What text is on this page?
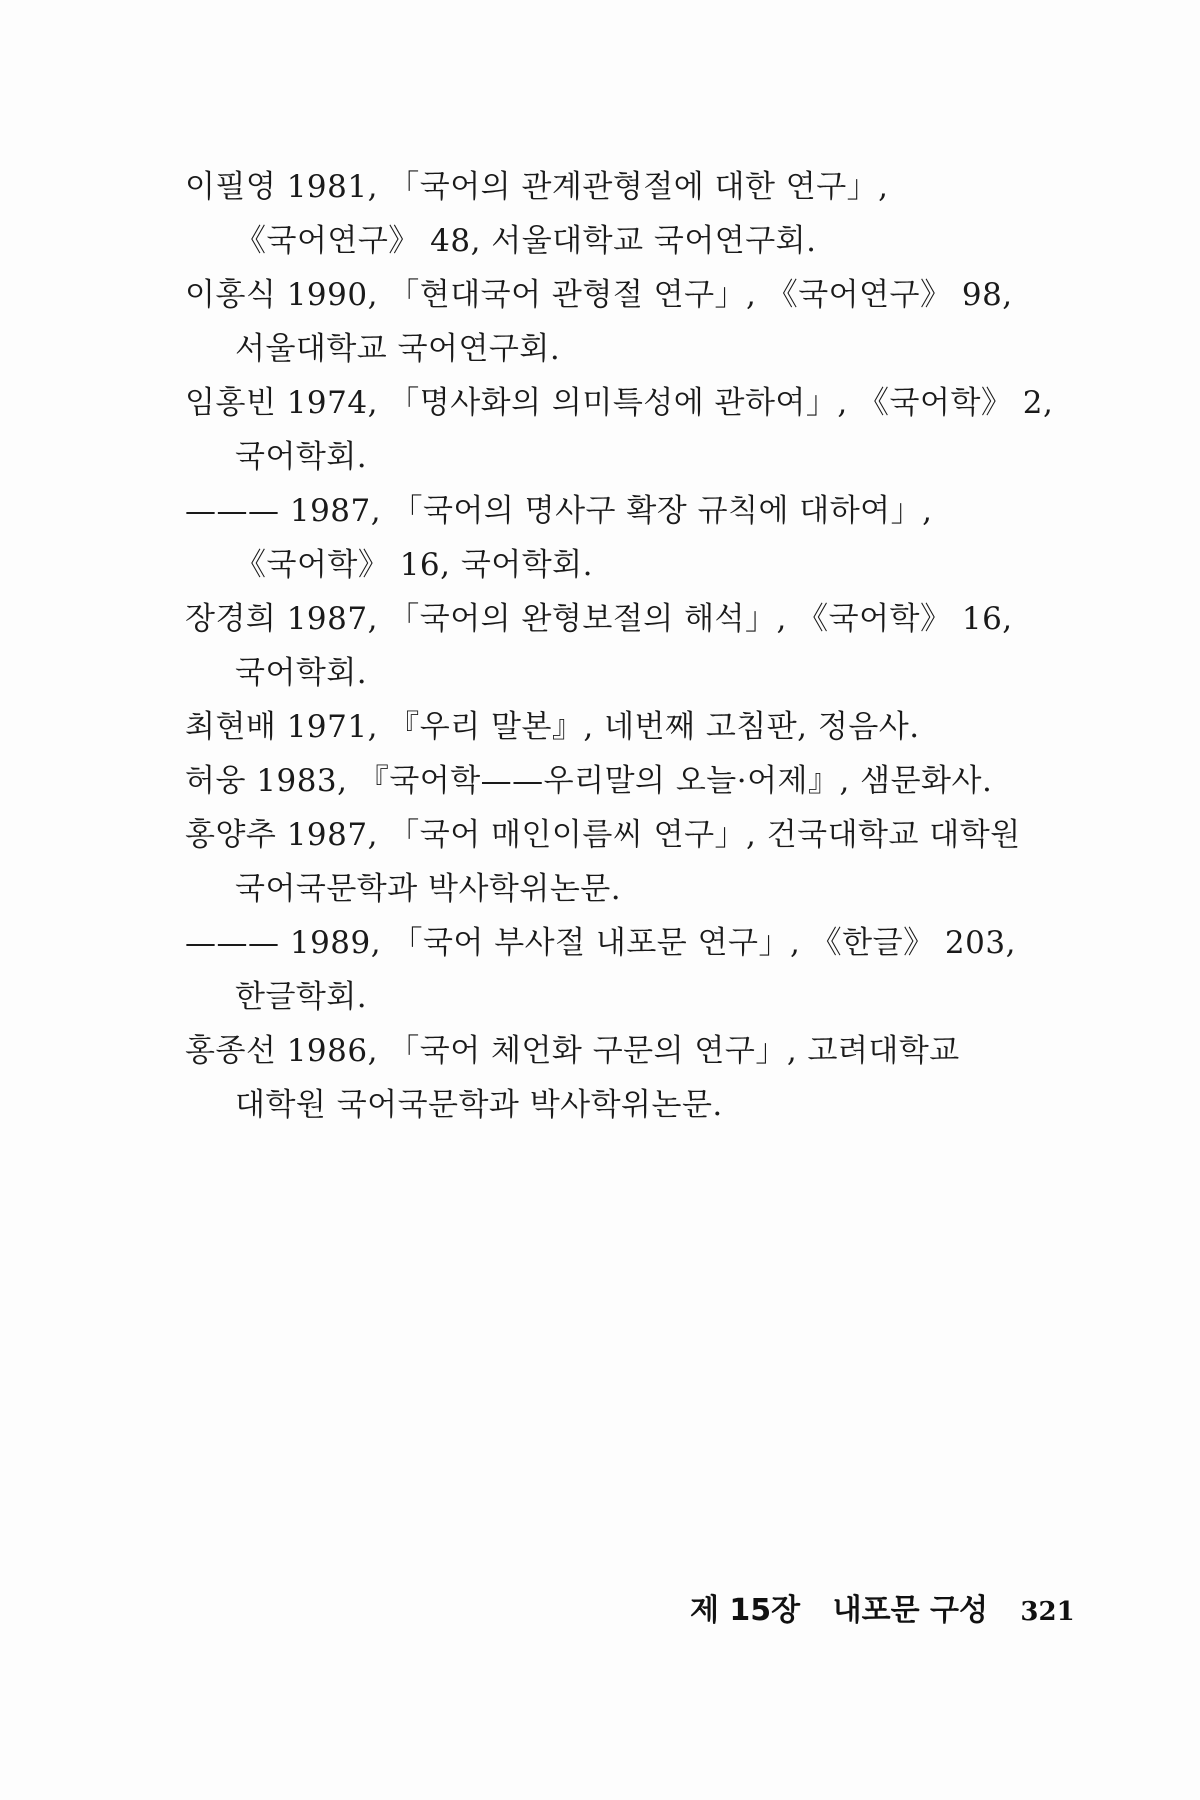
이필영 1981, 「국어의 관계관형절에 대한 연구」, 《국어연구》 48, 서울대학교 국어연구회.
이홍식 1990, 「현대국어 관형절 연구」, 《국어연구》 98, 서울대학교 국어연구회.
임홍빈 1974, 「명사화의 의미특성에 관하여」, 《국어학》 2, 국어학회.
——— 1987, 「국어의 명사구 확장 규칙에 대하여」, 《국어학》 16, 국어학회.
장경희 1987, 「국어의 완형보절의 해석」, 《국어학》 16, 국어학회.
최현배 1971, 『우리 말본』, 네번째 고침판, 정음사.
허웅 1983, 『국어학——우리말의 오늘·어제』, 샘문화사.
홍양추 1987, 「국어 매인이름씨 연구」, 건국대학교 대학원 국어국문학과 박사학위논문.
——— 1989, 「국어 부사절 내포문 연구」, 《한글》 203, 한글학회.
홍종선 1986, 「국어 체언화 구문의 연구」, 고려대학교 대학원 국어국문학과 박사학위논문.
제 15장 내포문 구성 321
